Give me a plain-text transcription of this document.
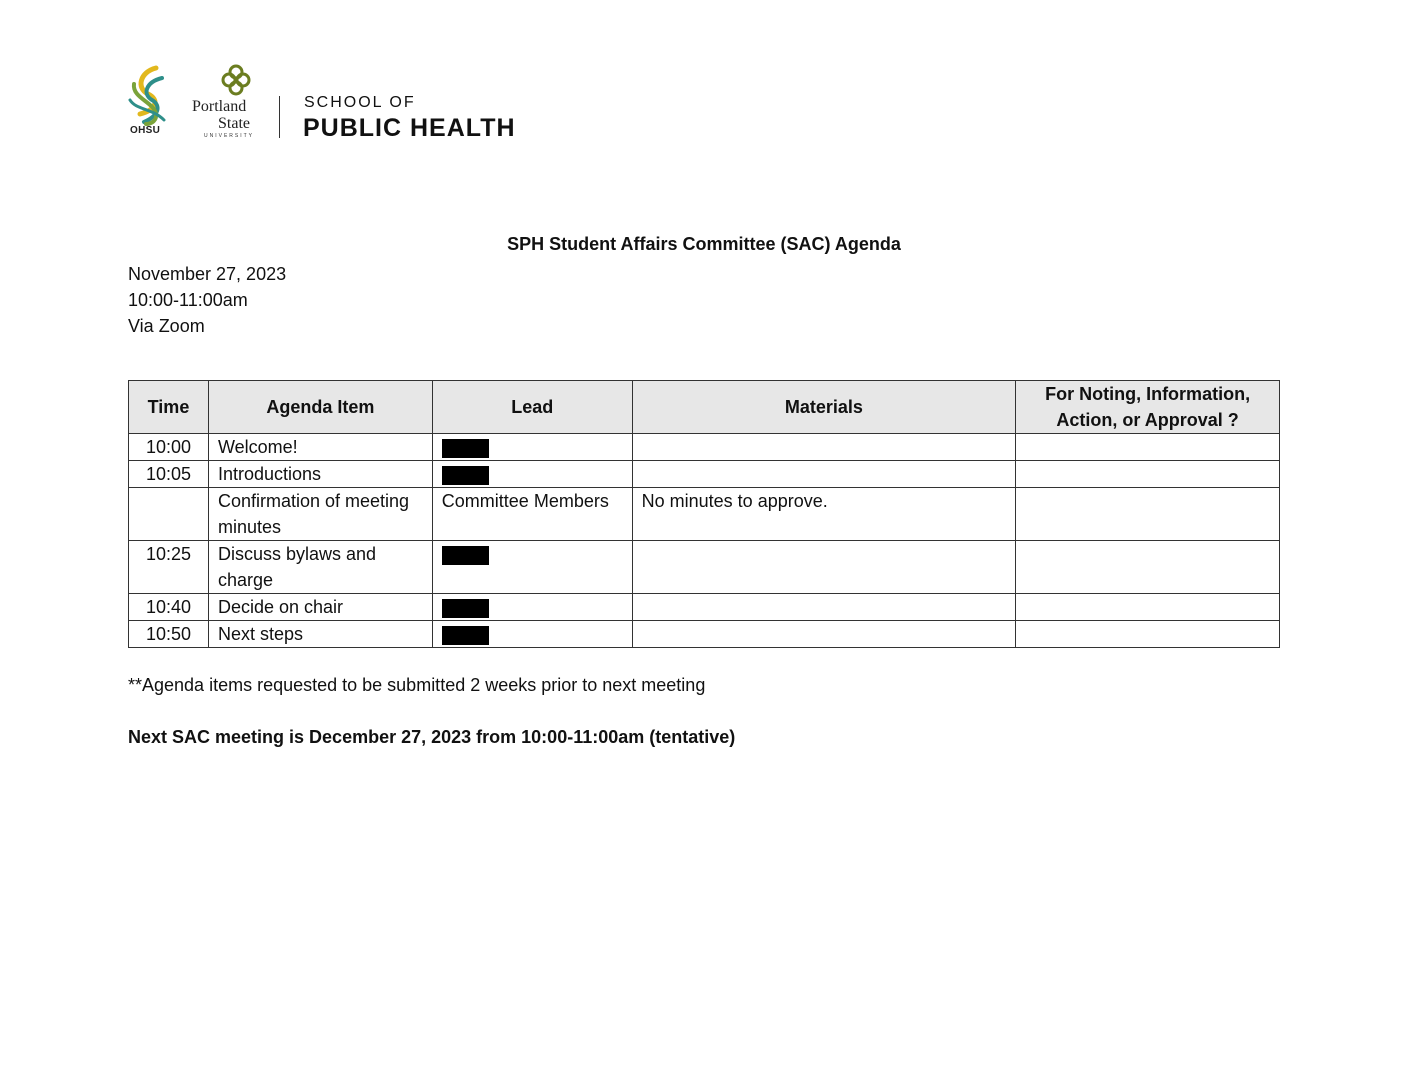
OHSU
Portland
State
UNIVERSITY
SCHOOL OF
PUBLIC HEALTH
SPH Student Affairs Committee (SAC) Agenda
November 27, 2023
10:00-11:00am
Via Zoom
Time	Agenda Item	Lead	Materials	For Noting, Information, Action, or Approval ?
10:00	Welcome!			
10:05	Introductions			
	Confirmation of meeting minutes	Committee Members	No minutes to approve.	
10:25	Discuss bylaws and charge			
10:40	Decide on chair			
10:50	Next steps			
**Agenda items requested to be submitted 2 weeks prior to next meeting
Next SAC meeting is December 27, 2023 from 10:00-11:00am (tentative)
